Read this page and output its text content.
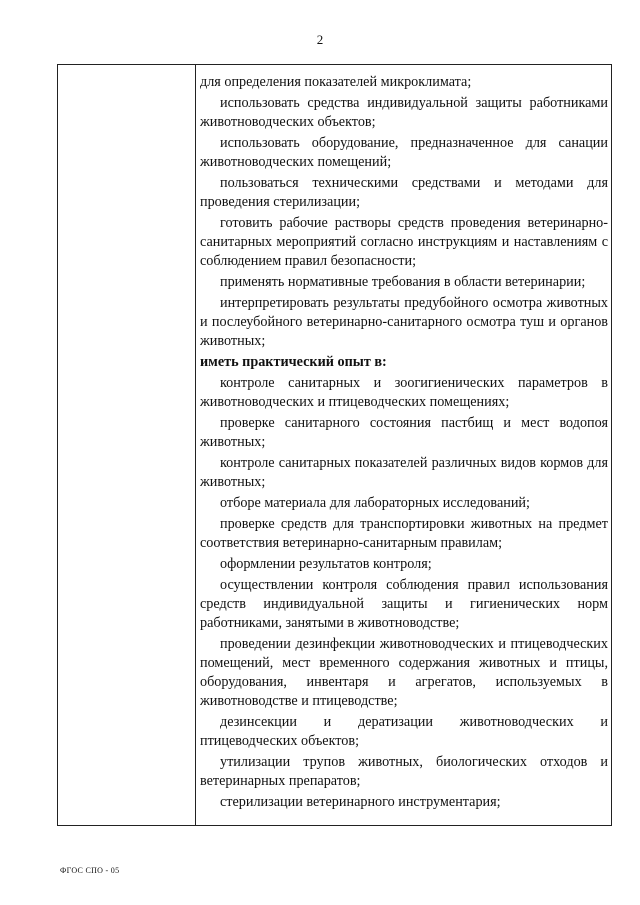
2
для определения показателей микроклимата;
использовать средства индивидуальной защиты работниками животноводческих объектов;
использовать оборудование, предназначенное для санации животноводческих помещений;
пользоваться техническими средствами и методами для проведения стерилизации;
готовить рабочие растворы средств проведения ветеринарно-санитарных мероприятий согласно инструкциям и наставлениям с соблюдением правил безопасности;
применять нормативные требования в области ветеринарии;
интерпретировать результаты предубойного осмотра животных и послеубойного ветеринарно-санитарного осмотра туш и органов животных;
иметь практический опыт в:
контроле санитарных и зоогигиенических параметров в животноводческих и птицеводческих помещениях;
проверке санитарного состояния пастбищ и мест водопоя животных;
контроле санитарных показателей различных видов кормов для животных;
отборе материала для лабораторных исследований;
проверке средств для транспортировки животных на предмет соответствия ветеринарно-санитарным правилам;
оформлении результатов контроля;
осуществлении контроля соблюдения правил использования средств индивидуальной защиты и гигиенических норм работниками, занятыми в животноводстве;
проведении дезинфекции животноводческих и птицеводческих помещений, мест временного содержания животных и птицы, оборудования, инвентаря и агрегатов, используемых в животноводстве и птицеводстве;
дезинсекции и дератизации животноводческих и птицеводческих объектов;
утилизации трупов животных, биологических отходов и ветеринарных препаратов;
стерилизации ветеринарного инструментария;
ФГОС СПО - 05
